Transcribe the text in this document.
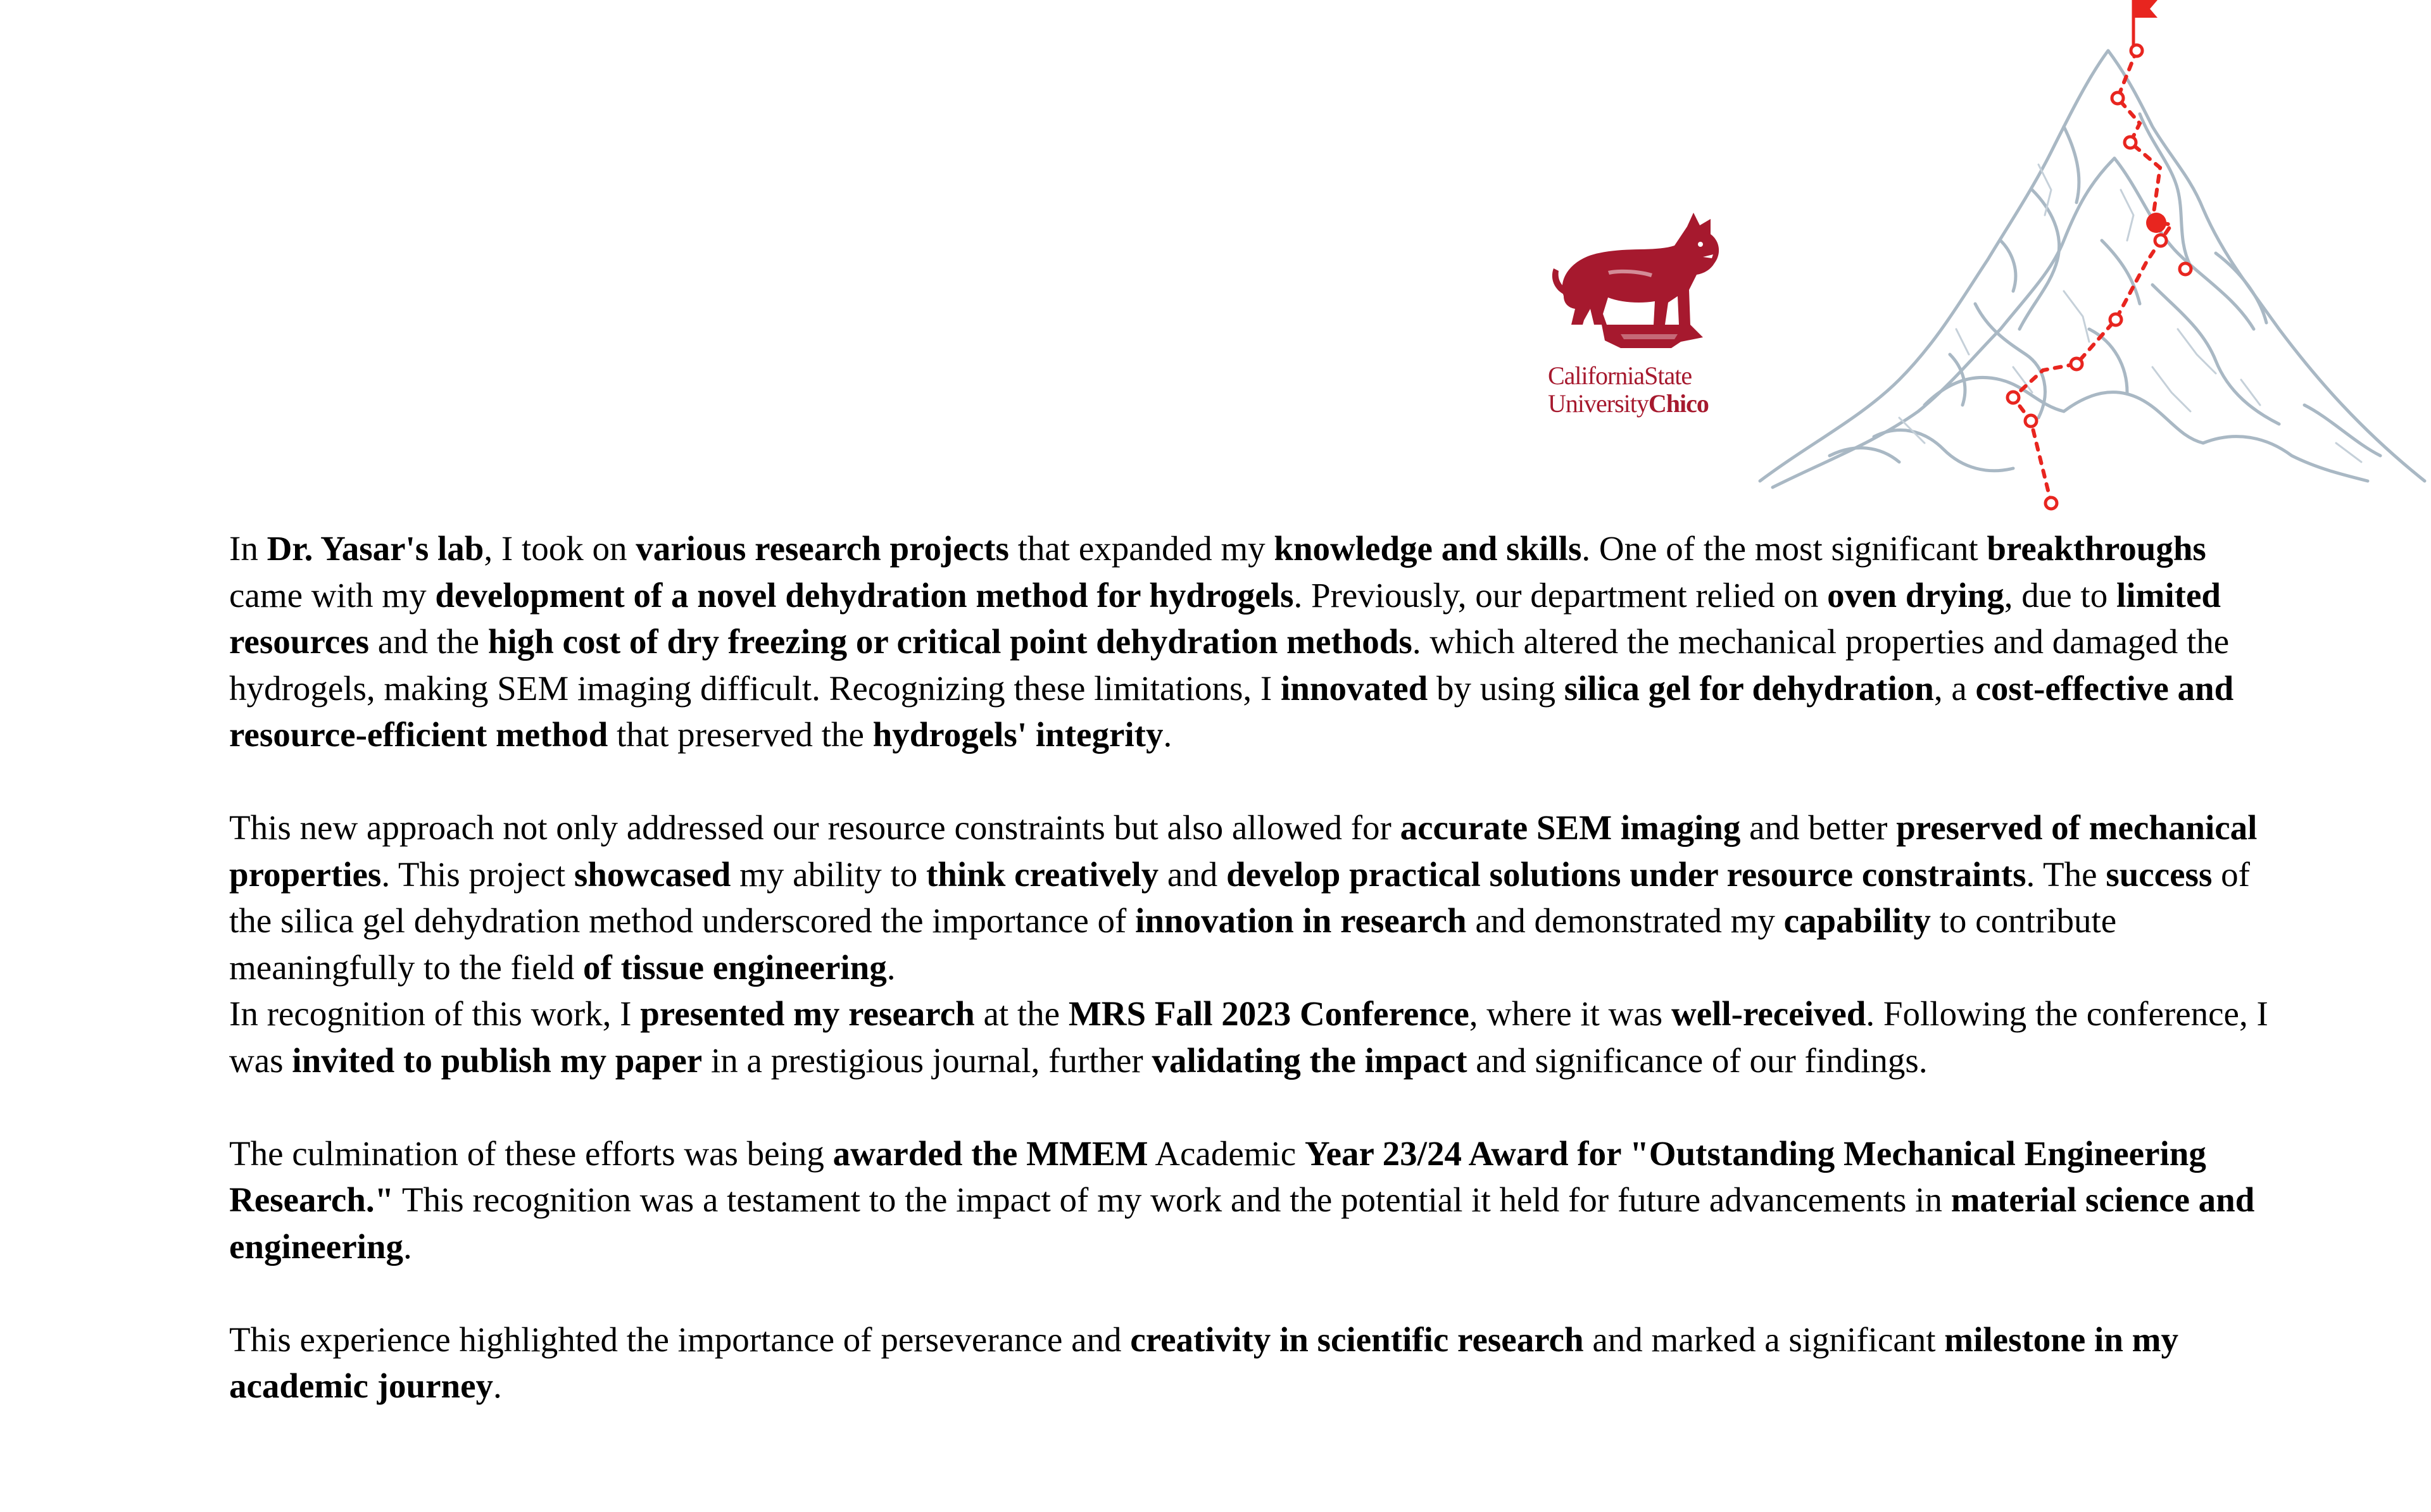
CaliforniaState
UniversityChico

In Dr. Yasar's lab, I took on various research projects that expanded my knowledge and skills. One of the most significant breakthroughs came with my development of a novel dehydration method for hydrogels. Previously, our department relied on oven drying, due to limited resources and the high cost of dry freezing or critical point dehydration methods. which altered the mechanical properties and damaged the hydrogels, making SEM imaging difficult. Recognizing these limitations, I innovated by using silica gel for dehydration, a cost-effective and resource-efficient method that preserved the hydrogels' integrity.

This new approach not only addressed our resource constraints but also allowed for accurate SEM imaging and better preserved of mechanical properties. This project showcased my ability to think creatively and develop practical solutions under resource constraints. The success of the silica gel dehydration method underscored the importance of innovation in research and demonstrated my capability to contribute meaningfully to the field of tissue engineering.

In recognition of this work, I presented my research at the MRS Fall 2023 Conference, where it was well-received. Following the conference, I was invited to publish my paper in a prestigious journal, further validating the impact and significance of our findings.

The culmination of these efforts was being awarded the MMEM Academic Year 23/24 Award for "Outstanding Mechanical Engineering Research." This recognition was a testament to the impact of my work and the potential it held for future advancements in material science and engineering.

This experience highlighted the importance of perseverance and creativity in scientific research and marked a significant milestone in my academic journey.
